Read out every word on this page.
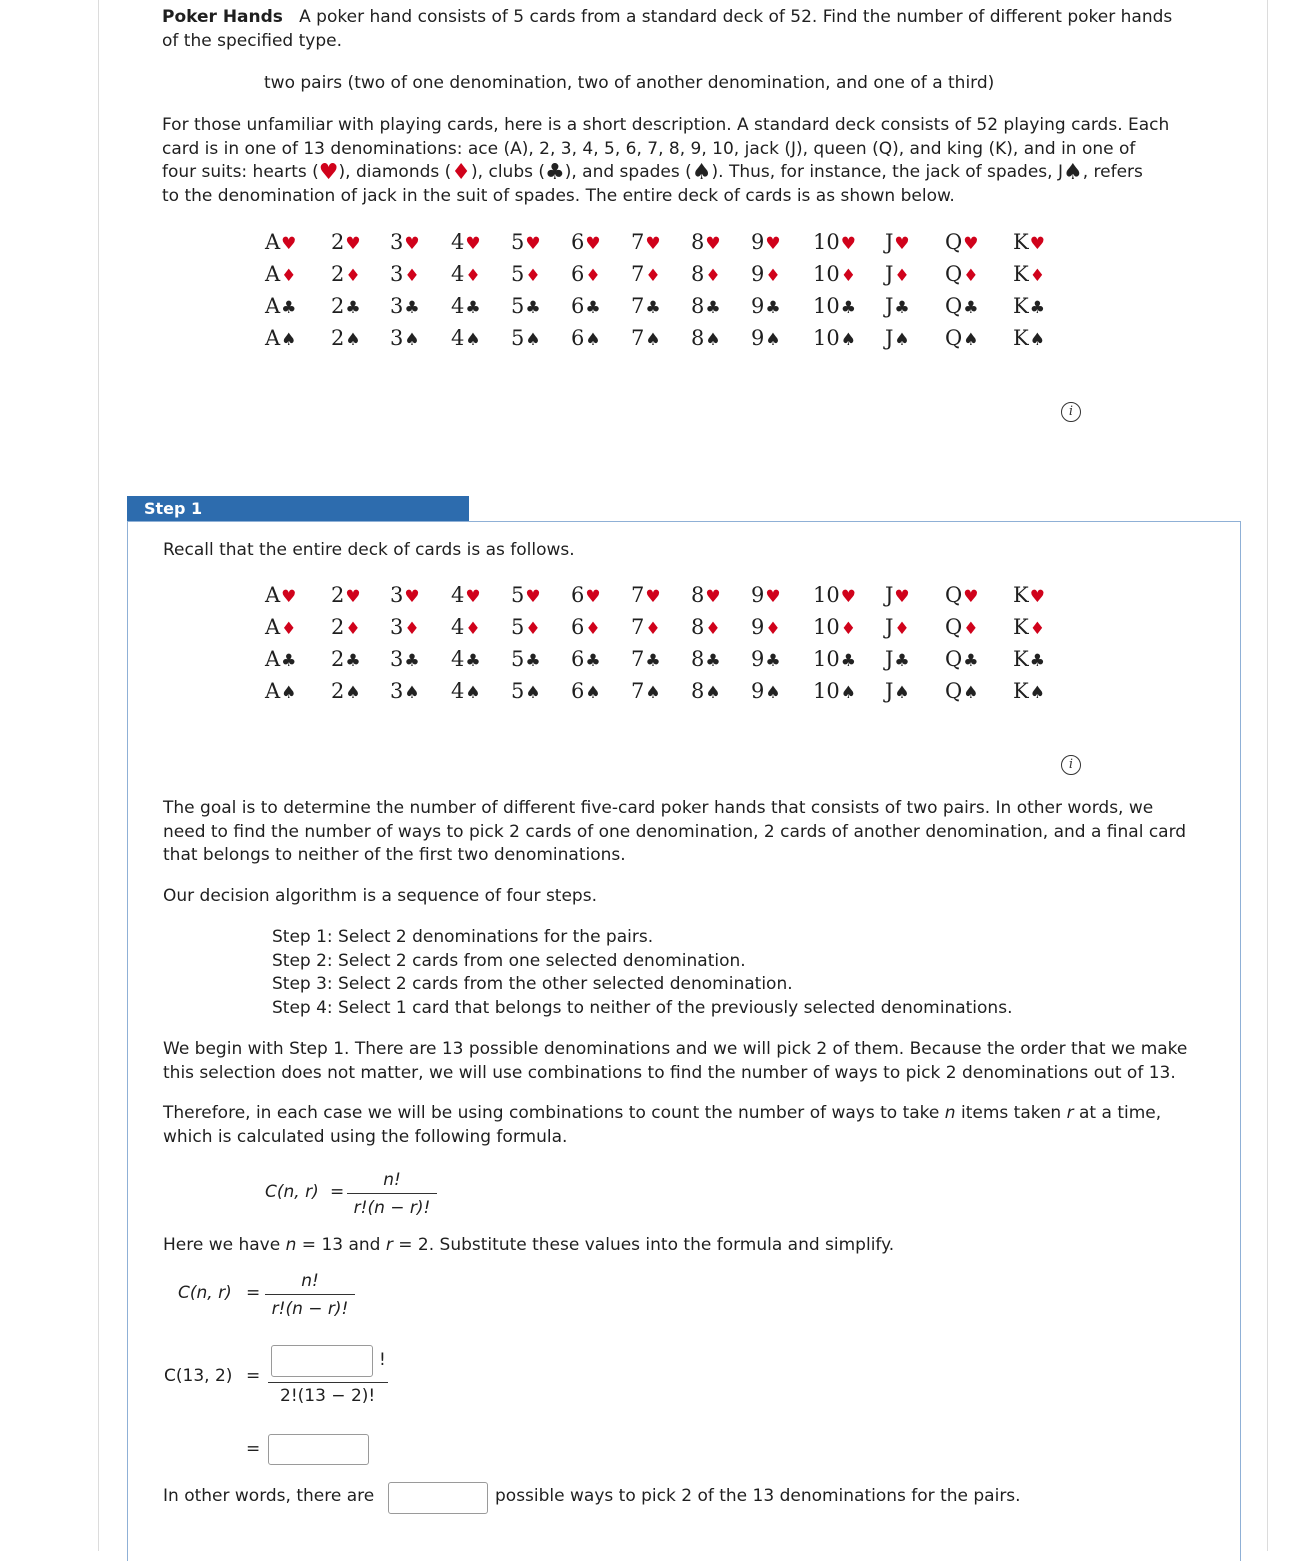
Poker Hands A poker hand consists of 5 cards from a standard deck of 52. Find the number of different poker hands

of the specified type.

two pairs (two of one denomination, two of another denomination, and one of a third)

For those unfamiliar with playing cards, here is a short description. A standard deck consists of 52 playing cards. Each

card is in one of 13 denominations: ace (A), 2, 3, 4, 5, 6, 7, 8, 9, 10, jack (J), queen (Q), and king (K), and in one of

four suits: hearts (♥), diamonds (♦), clubs (♣), and spades (♠). Thus, for instance, the jack of spades, J♠, refers

to the denomination of jack in the suit of spades. The entire deck of cards is as shown below.

A♥ 2♥ 3♥ 4♥ 5♥ 6♥ 7♥ 8♥ 9♥ 10♥ J♥ Q♥ K♥
A♦ 2♦ 3♦ 4♦ 5♦ 6♦ 7♦ 8♦ 9♦ 10♦ J♦ Q♦ K♦
A♣ 2♣ 3♣ 4♣ 5♣ 6♣ 7♣ 8♣ 9♣ 10♣ J♣ Q♣ K♣
A♠ 2♠ 3♠ 4♠ 5♠ 6♠ 7♠ 8♠ 9♠ 10♠ J♠ Q♠ K♠
i
Step 1

Recall that the entire deck of cards is as follows.

A♥ 2♥ 3♥ 4♥ 5♥ 6♥ 7♥ 8♥ 9♥ 10♥ J♥ Q♥ K♥
A♦ 2♦ 3♦ 4♦ 5♦ 6♦ 7♦ 8♦ 9♦ 10♦ J♦ Q♦ K♦
A♣ 2♣ 3♣ 4♣ 5♣ 6♣ 7♣ 8♣ 9♣ 10♣ J♣ Q♣ K♣
A♠ 2♠ 3♠ 4♠ 5♠ 6♠ 7♠ 8♠ 9♠ 10♠ J♠ Q♠ K♠
i

The goal is to determine the number of different five-card poker hands that consists of two pairs. In other words, we

need to find the number of ways to pick 2 cards of one denomination, 2 cards of another denomination, and a final card

that belongs to neither of the first two denominations.

Our decision algorithm is a sequence of four steps.

Step 1: Select 2 denominations for the pairs.

Step 2: Select 2 cards from one selected denomination.

Step 3: Select 2 cards from the other selected denomination.

Step 4: Select 1 card that belongs to neither of the previously selected denominations.

We begin with Step 1. There are 13 possible denominations and we will pick 2 of them. Because the order that we make

this selection does not matter, we will use combinations to find the number of ways to pick 2 denominations out of 13.

Therefore, in each case we will be using combinations to count the number of ways to take n items taken r at a time,

which is calculated using the following formula.

C(n, r) =

n!
r!(n − r)!

Here we have n = 13 and r = 2. Substitute these values into the formula and simplify.

C(n, r) =

n!
r!(n − r)!

C(13, 2) =

!

2!(13 − 2)!

=

In other words, there are	possible ways to pick 2 of the 13 denominations for the pairs.
